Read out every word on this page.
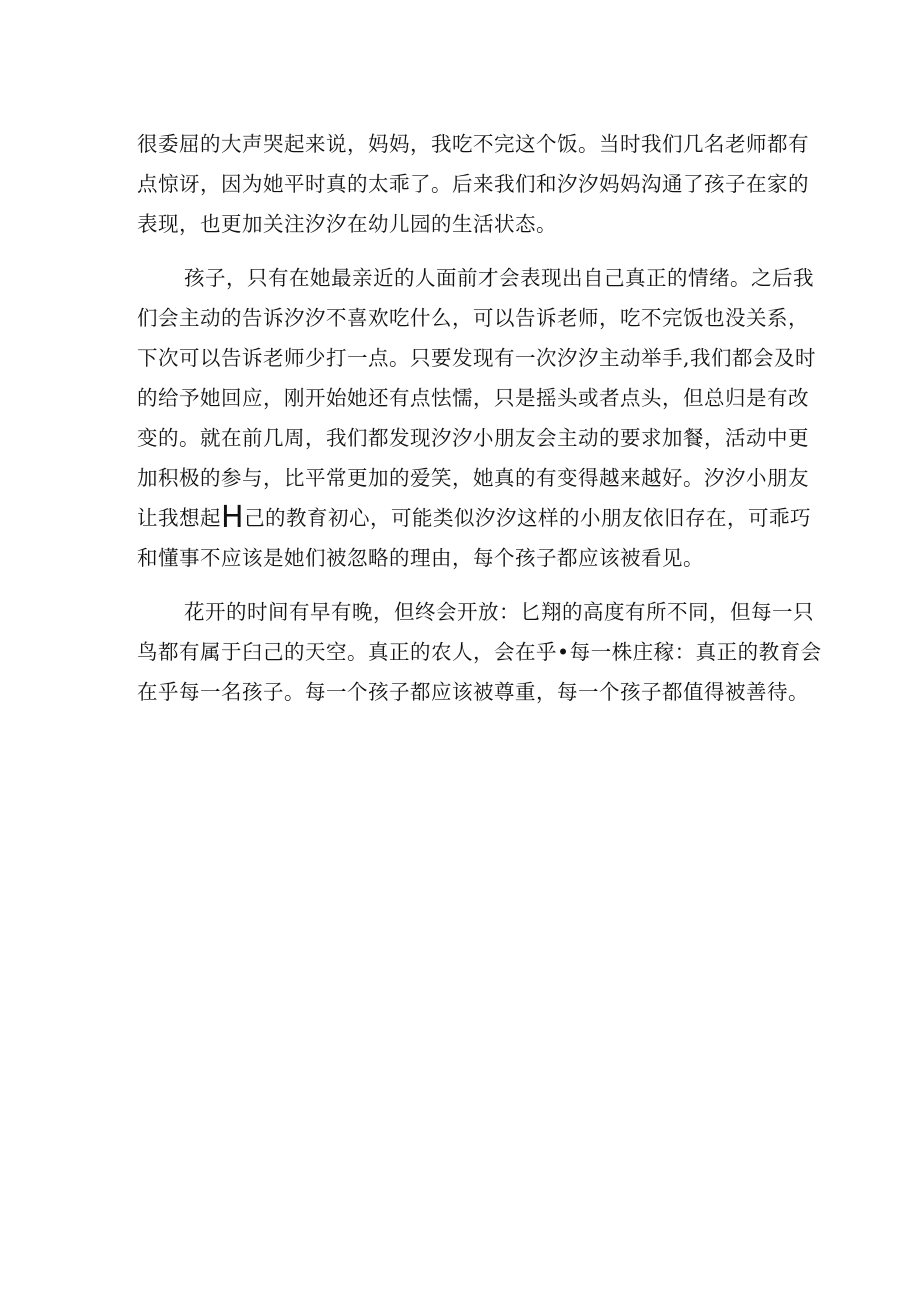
很委屈的大声哭起来说，妈妈，我吃不完这个饭。当时我们几名老师都有
点惊讶，因为她平时真的太乖了。后来我们和汐汐妈妈沟通了孩子在家的
表现，也更加关注汐汐在幼儿园的生活状态。
孩子，只有在她最亲近的人面前才会表现出自己真正的情绪。之后我
们会主动的告诉汐汐不喜欢吃什么，可以告诉老师，吃不完饭也没关系，
下次可以告诉老师少打一点。只要发现有一次汐汐主动举手,我们都会及时
的给予她回应，刚开始她还有点怯懦，只是摇头或者点头，但总归是有改
变的。就在前几周，我们都发现汐汐小朋友会主动的要求加餐，活动中更
加积极的参与，比平常更加的爱笑，她真的有变得越来越好。汐汐小朋友
让我想起H己的教育初心，可能类似汐汐这样的小朋友依旧存在，可乖巧
和懂事不应该是她们被忽略的理由，每个孩子都应该被看见。
花开的时间有早有晚，但终会开放：匕翔的高度有所不同，但每一只
鸟都有属于臼己的天空。真正的农人，会在乎•每一株庄稼：真正的教育会
在乎每一名孩子。每一个孩子都应该被尊重，每一个孩子都值得被善待。
